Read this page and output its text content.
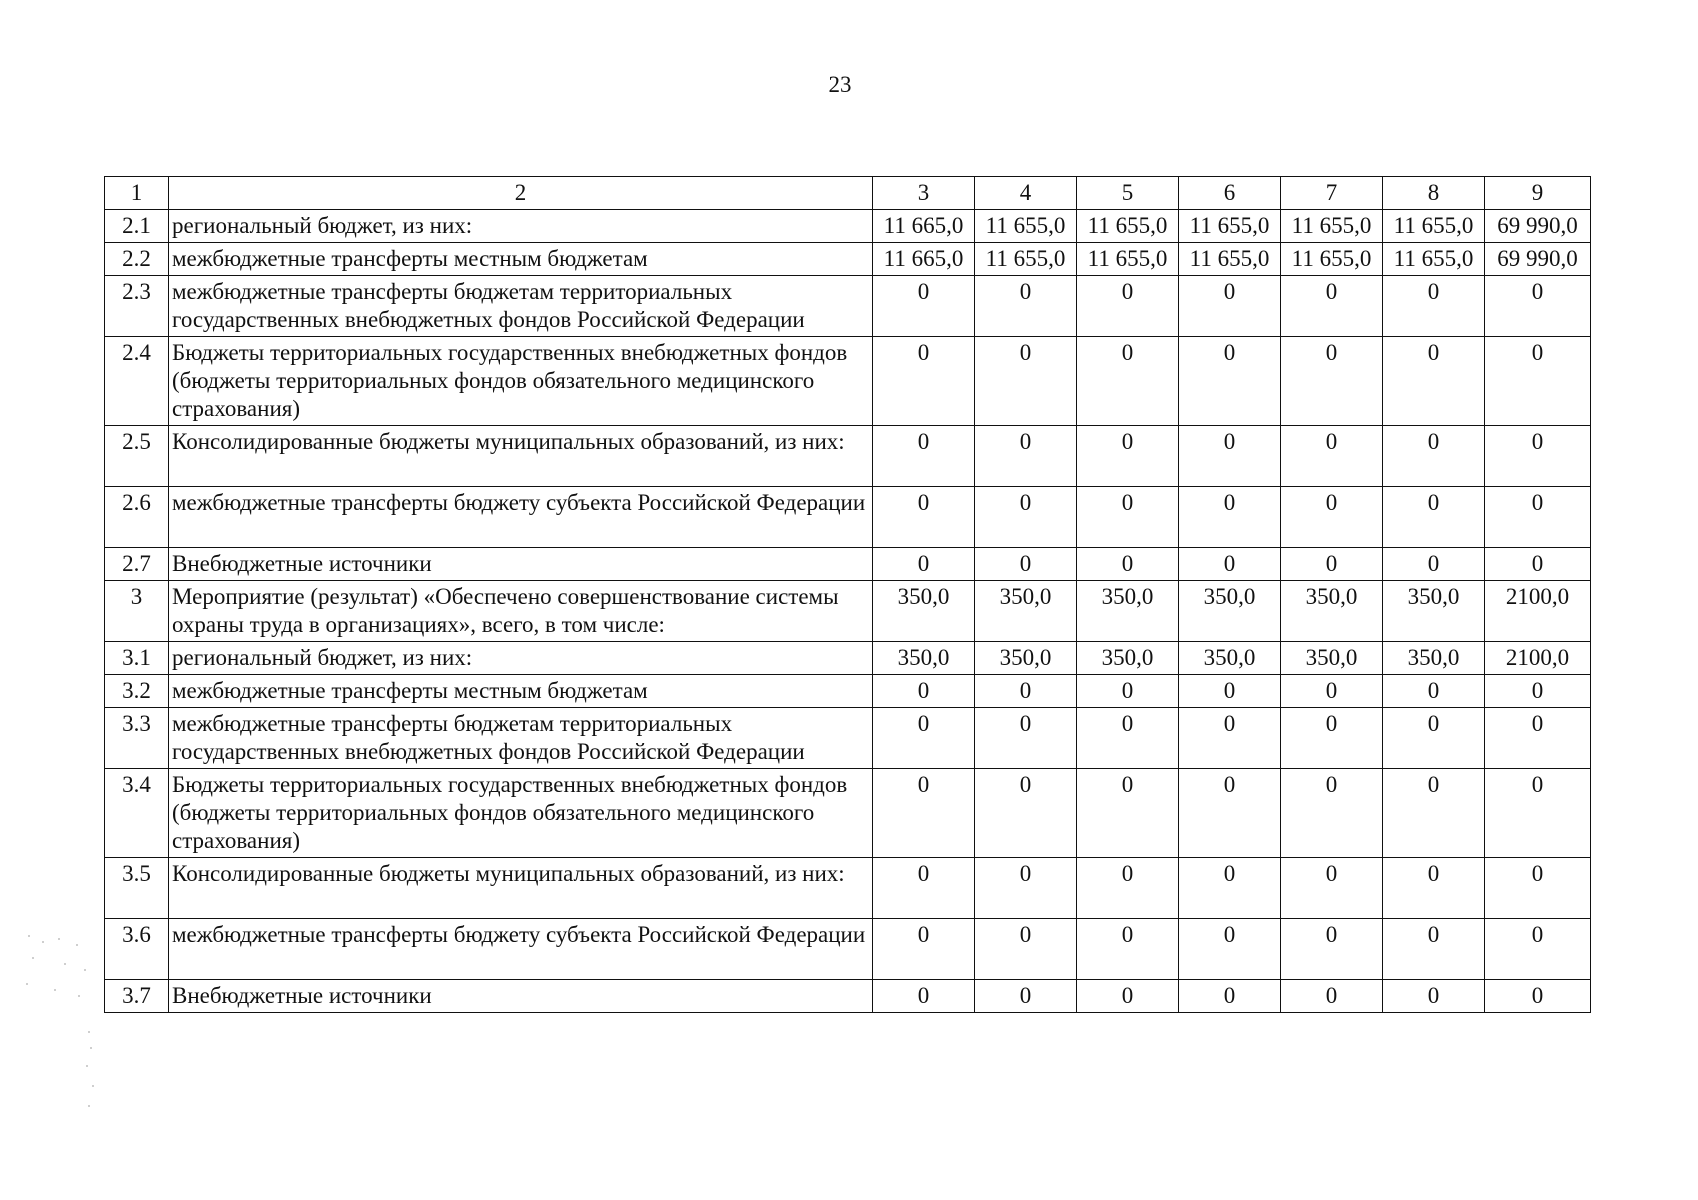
23
1	2	3	4	5	6	7	8	9
2.1	региональный бюджет, из них:	11 665,0	11 655,0	11 655,0	11 655,0	11 655,0	11 655,0	69 990,0
2.2	межбюджетные трансферты местным бюджетам	11 665,0	11 655,0	11 655,0	11 655,0	11 655,0	11 655,0	69 990,0
2.3	межбюджетные трансферты бюджетам территориальных государственных внебюджетных фондов Российской Федерации	0	0	0	0	0	0	0
2.4	Бюджеты территориальных государственных внебюджетных фондов (бюджеты территориальных фондов обязательного медицинского страхования)	0	0	0	0	0	0	0
2.5	Консолидированные бюджеты муниципальных образований, из них:	0	0	0	0	0	0	0
2.6	межбюджетные трансферты бюджету субъекта Российской Федерации	0	0	0	0	0	0	0
2.7	Внебюджетные источники	0	0	0	0	0	0	0
3	Мероприятие (результат) «Обеспечено совершенствование системы охраны труда в организациях», всего, в том числе:	350,0	350,0	350,0	350,0	350,0	350,0	2100,0
3.1	региональный бюджет, из них:	350,0	350,0	350,0	350,0	350,0	350,0	2100,0
3.2	межбюджетные трансферты местным бюджетам	0	0	0	0	0	0	0
3.3	межбюджетные трансферты бюджетам территориальных государственных внебюджетных фондов Российской Федерации	0	0	0	0	0	0	0
3.4	Бюджеты территориальных государственных внебюджетных фондов (бюджеты территориальных фондов обязательного медицинского страхования)	0	0	0	0	0	0	0
3.5	Консолидированные бюджеты муниципальных образований, из них:	0	0	0	0	0	0	0
3.6	межбюджетные трансферты бюджету субъекта Российской Федерации	0	0	0	0	0	0	0
3.7	Внебюджетные источники	0	0	0	0	0	0	0
